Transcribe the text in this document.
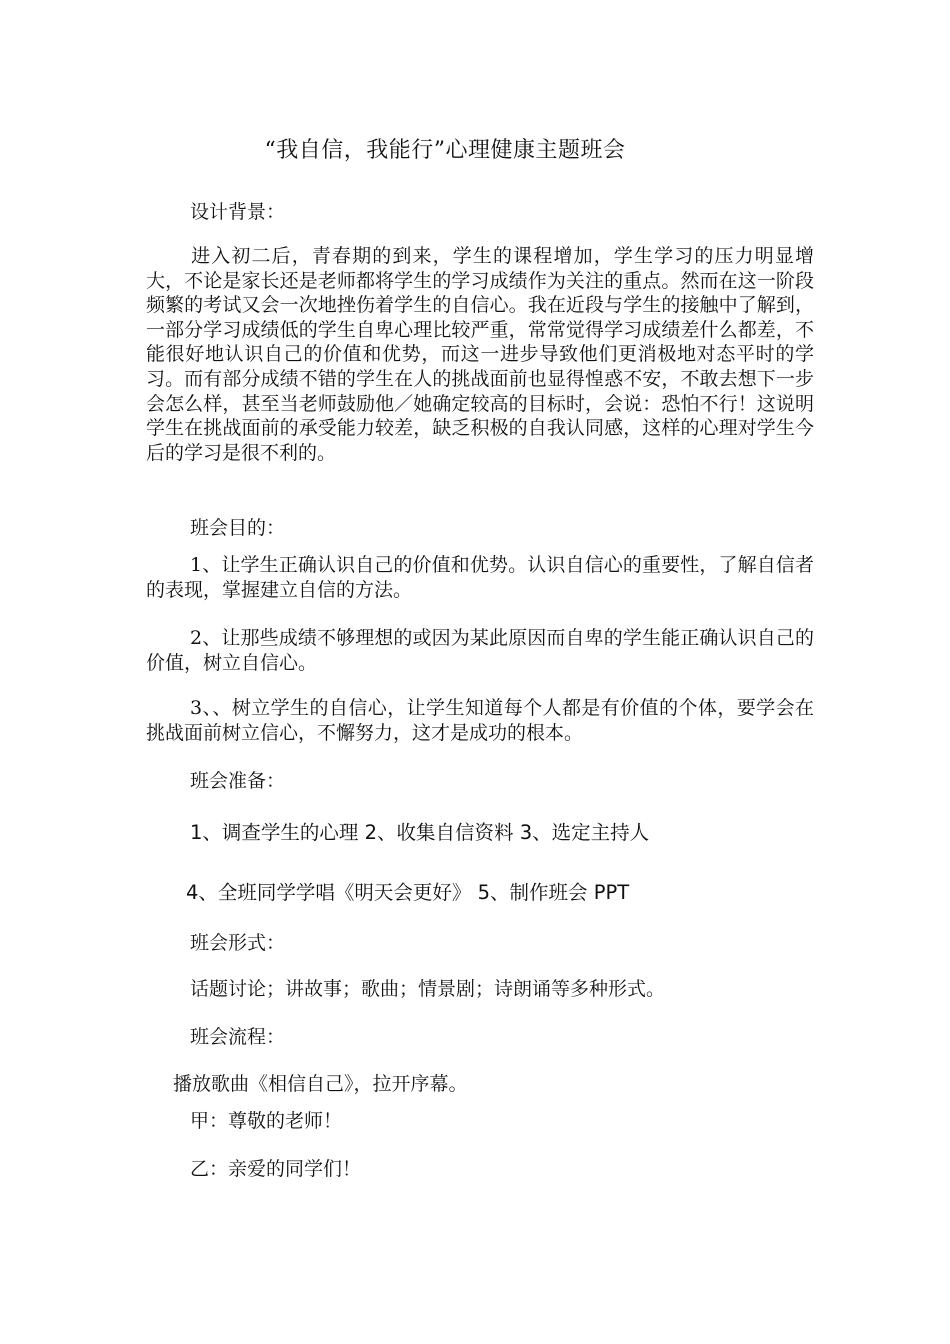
“我自信，我能行”心理健康主题班会
设计背景：
进入初二后，青春期的到来，学生的课程增加，学生学习的压力明显增大，不论是家长还是老师都将学生的学习成绩作为关注的重点。然而在这一阶段频繁的考试又会一次地挫伤着学生的自信心。我在近段与学生的接触中了解到，一部分学习成绩低的学生自卑心理比较严重，常常觉得学习成绩差什么都差，不能很好地认识自己的价值和优势，而这一进步导致他们更消极地对态平时的学习。而有部分成绩不错的学生在人的挑战面前也显得惶惑不安，不敢去想下一步会怎么样，甚至当老师鼓励他／她确定较高的目标时，会说：恐怕不行！这说明学生在挑战面前的承受能力较差，缺乏积极的自我认同感，这样的心理对学生今后的学习是很不利的。
班会目的：
1、让学生正确认识自己的价值和优势。认识自信心的重要性，了解自信者的表现，掌握建立自信的方法。
2、让那些成绩不够理想的或因为某此原因而自卑的学生能正确认识自己的价值，树立自信心。
3、、树立学生的自信心，让学生知道每个人都是有价值的个体，要学会在挑战面前树立信心，不懈努力，这才是成功的根本。
班会准备：
1、调查学生的心理 2、收集自信资料 3、选定主持人
4、全班同学学唱《明天会更好》 5、制作班会 PPT
班会形式：
话题讨论；讲故事；歌曲；情景剧；诗朗诵等多种形式。
班会流程：
播放歌曲《相信自己》，拉开序幕。
甲：尊敬的老师！
乙：亲爱的同学们！
